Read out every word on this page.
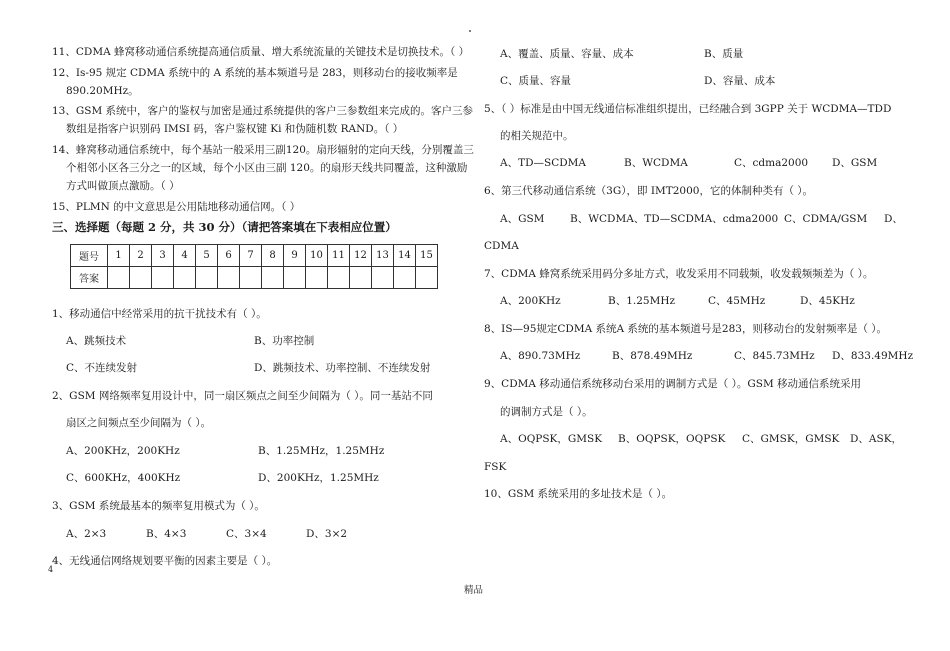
11、CDMA 蜂窝移动通信系统提高通信质量、增大系统流量的关键技术是切换技术。（ ）

12、Is-95 规定 CDMA 系统中的 A 系统的基本频道号是 283，则移动台的接收频率是

890.20MHz。

13、GSM 系统中，客户的鉴权与加密是通过系统提供的客户三参数组来完成的。客户三参

数组是指客户识别码 IMSI 码，客户鉴权键 Ki 和伪随机数 RAND。（ ）

14、蜂窝移动通信系统中，每个基站一般采用三副120。扇形辐射的定向天线，分别覆盖三

个相邻小区各三分之一的区域，每个小区由三副 120。的扇形天线共同覆盖，这种激励

方式叫做顶点激励。（ ）

15、PLMN 的中文意思是公用陆地移动通信网。（ ）

三、选择题（每题 2 分，共 30 分）（请把答案填在下表相应位置）

题号	1	2	3	4	5	6	7	8	9	10	11	12	13	14	15
答案															

1、移动通信中经常采用的抗干扰技术有（ ）。

A、跳频技术	B、功率控制

C、不连续发射	D、跳频技术、功率控制、不连续发射

2、GSM 网络频率复用设计中，同一扇区频点之间至少间隔为（ ）。同一基站不同

扇区之间频点至少间隔为（ ）。

A、200KHz，200KHz	B、1.25MHz，1.25MHz

C、600KHz，400KHz	D、200KHz，1.25MHz

3、GSM 系统最基本的频率复用模式为（ ）。

A、2×3	B、4×3	C、3×4	D、3×2

4、无线通信网络规划要平衡的因素主要是（ ）。

4

A、覆盖、质量、容量、成本	B、质量

C、质量、容量	D、容量、成本

5、（ ）标准是由中国无线通信标准组织提出，已经融合到 3GPP 关于 WCDMA—TDD

的相关规范中。

A、TD—SCDMA	B、WCDMA	C、cdma2000 D、GSM

6、第三代移动通信系统（3G），即 IMT2000，它的体制种类有（ ）。

A、GSM B、WCDMA、TD—SCDMA、cdma2000 C、CDMA/GSM D、

CDMA

7、CDMA 蜂窝系统采用码分多址方式，收发采用不同载频，收发载频频差为（ ）。

A、200KHz	B、1.25MHz	C、45MHz	D、45KHz

8、IS—95规定CDMA 系统A 系统的基本频道号是283，则移动台的发射频率是（ ）。

A、890.73MHz	B、878.49MHz	C、845.73MHz D、833.49MHz

9、CDMA 移动通信系统移动台采用的调制方式是（ ）。GSM 移动通信系统采用

的调制方式是（ ）。

A、OQPSK，GMSK B、OQPSK，OQPSK C、GMSK，GMSK D、ASK，

FSK

10、GSM 系统采用的多址技术是（ ）。

精品
